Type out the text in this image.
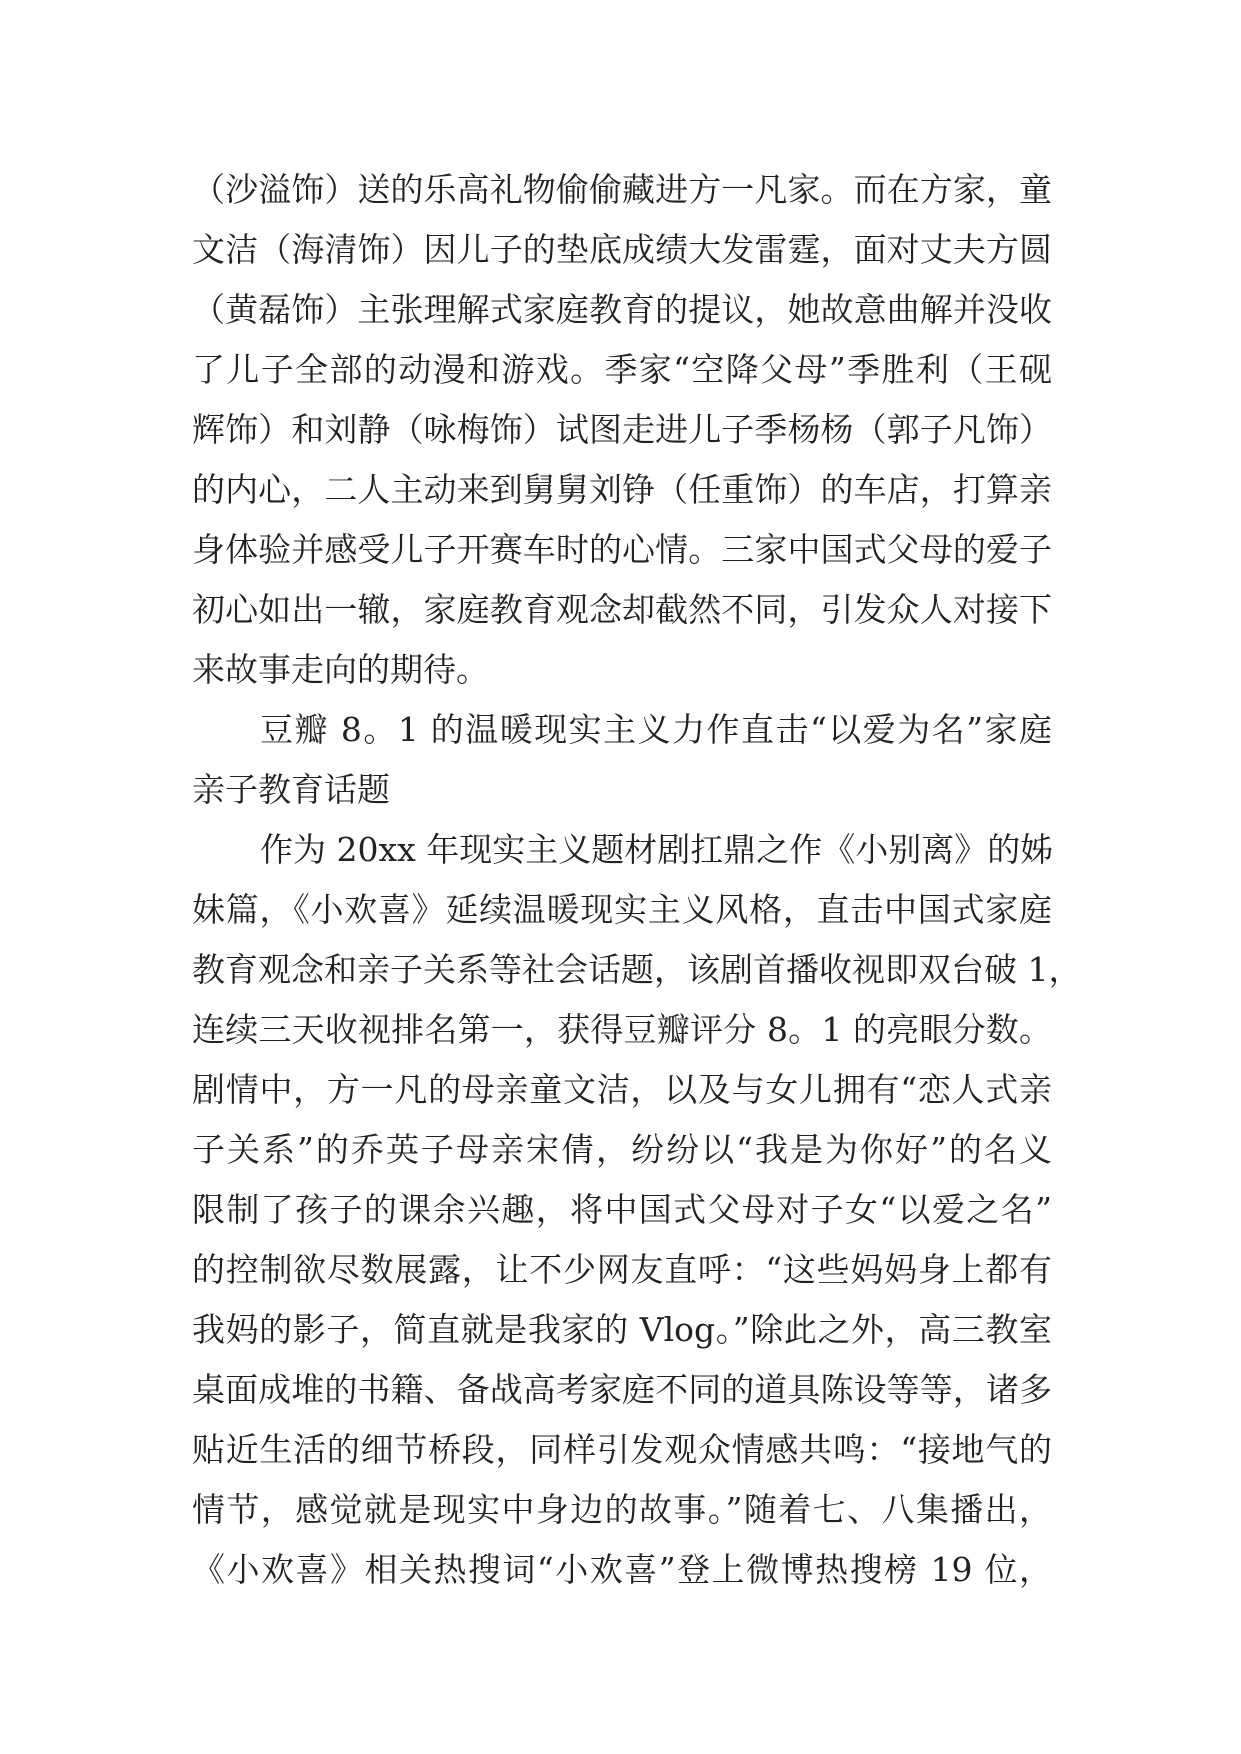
（沙溢饰）送的乐高礼物偷偷藏进方一凡家。而在方家，童
文洁（海清饰）因儿子的垫底成绩大发雷霆，面对丈夫方圆
（黄磊饰）主张理解式家庭教育的提议，她故意曲解并没收
了儿子全部的动漫和游戏。季家“空降父母”季胜利（王砚
辉饰）和刘静（咏梅饰）试图走进儿子季杨杨（郭子凡饰）
的内心，二人主动来到舅舅刘铮（任重饰）的车店，打算亲
身体验并感受儿子开赛车时的心情。三家中国式父母的爱子
初心如出一辙，家庭教育观念却截然不同，引发众人对接下
来故事走向的期待。
豆瓣 8。1 的温暖现实主义力作直击“以爱为名”家庭
亲子教育话题
作为 20xx 年现实主义题材剧扛鼎之作《小别离》的姊
妹篇，《小欢喜》延续温暖现实主义风格，直击中国式家庭
教育观念和亲子关系等社会话题，该剧首播收视即双台破 1，
连续三天收视排名第一，获得豆瓣评分 8。1 的亮眼分数。
剧情中，方一凡的母亲童文洁，以及与女儿拥有“恋人式亲
子关系”的乔英子母亲宋倩，纷纷以“我是为你好”的名义
限制了孩子的课余兴趣，将中国式父母对子女“以爱之名”
的控制欲尽数展露，让不少网友直呼：“这些妈妈身上都有
我妈的影子，简直就是我家的 Vlog。”除此之外，高三教室
桌面成堆的书籍、备战高考家庭不同的道具陈设等等，诸多
贴近生活的细节桥段，同样引发观众情感共鸣：“接地气的
情节，感觉就是现实中身边的故事。”随着七、八集播出，
《小欢喜》相关热搜词“小欢喜”登上微博热搜榜 19 位，
